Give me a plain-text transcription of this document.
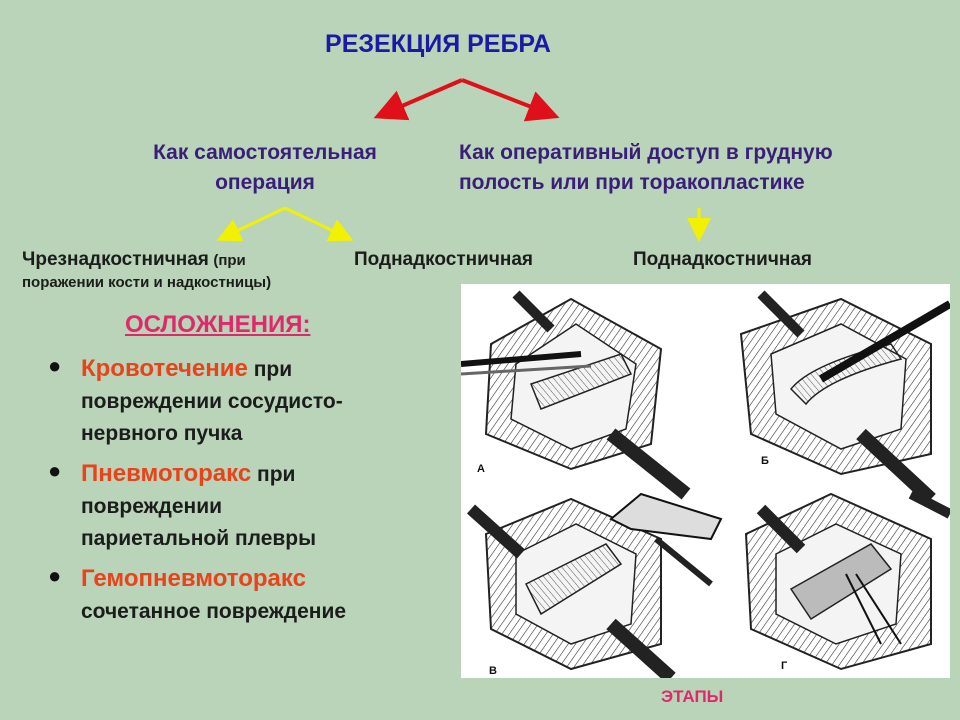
РЕЗЕКЦИЯ РЕБРА
Как самостоятельная
операция
Как оперативный доступ в грудную
полость или при торакопластике
Чрезнадкостничная (при
поражении кости и надкостницы)
Поднадкостничная	Поднадкостничная
ОСЛОЖНЕНИЯ:
● Кровотечение при
повреждении сосудисто-
нервного пучка
● Пневмоторакс при
повреждении
париетальной плевры
● Гемопневмоторакс
сочетанное повреждение
А
Б
В	Г
ЭТАПЫ
